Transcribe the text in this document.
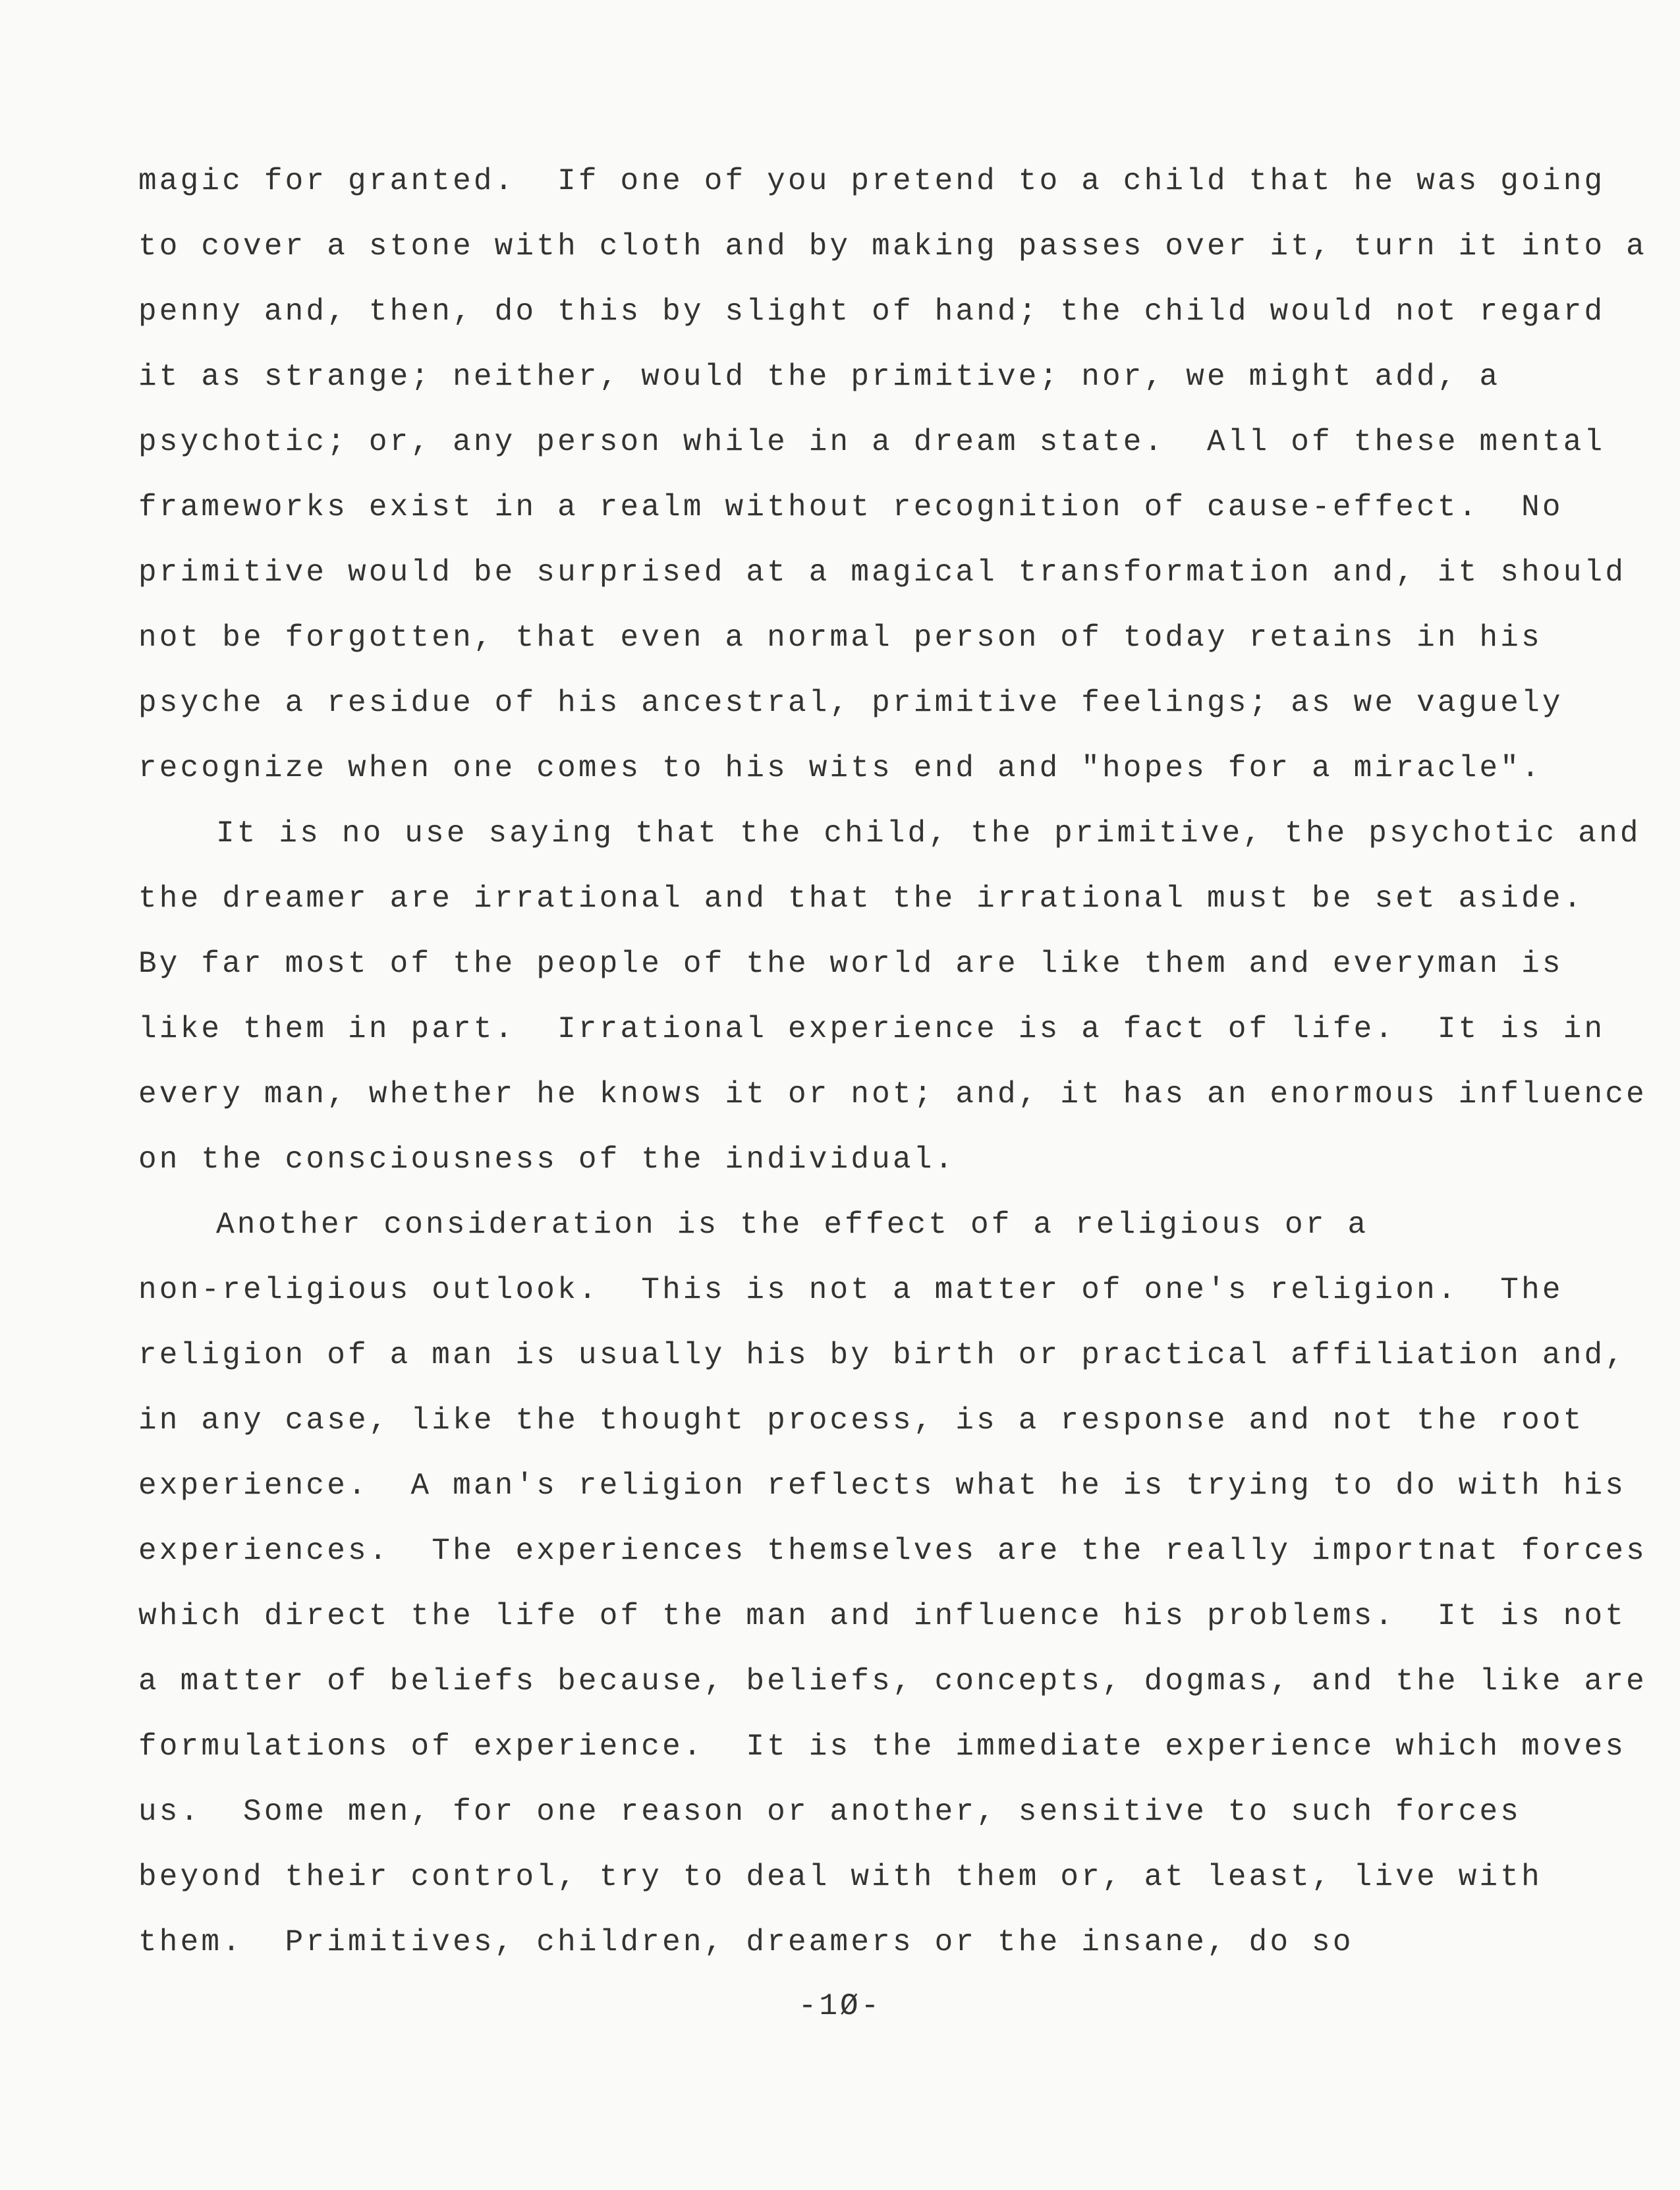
magic for granted.  If one of you pretend to a child that he was going
to cover a stone with cloth and by making passes over it, turn it into a
penny and, then, do this by slight of hand; the child would not regard
it as strange; neither, would the primitive; nor, we might add, a
psychotic; or, any person while in a dream state.  All of these mental
frameworks exist in a realm without recognition of cause-effect.  No
primitive would be surprised at a magical transformation and, it should
not be forgotten, that even a normal person of today retains in his
psyche a residue of his ancestral, primitive feelings; as we vaguely
recognize when one comes to his wits end and "hopes for a miracle".
It is no use saying that the child, the primitive, the psychotic and
the dreamer are irrational and that the irrational must be set aside.
By far most of the people of the world are like them and everyman is
like them in part.  Irrational experience is a fact of life.  It is in
every man, whether he knows it or not; and, it has an enormous influence
on the consciousness of the individual.
Another consideration is the effect of a religious or a
non-religious outlook.  This is not a matter of one's religion.  The
religion of a man is usually his by birth or practical affiliation and,
in any case, like the thought process, is a response and not the root
experience.  A man's religion reflects what he is trying to do with his
experiences.  The experiences themselves are the really importnat forces
which direct the life of the man and influence his problems.  It is not
a matter of beliefs because, beliefs, concepts, dogmas, and the like are
formulations of experience.  It is the immediate experience which moves
us.  Some men, for one reason or another, sensitive to such forces
beyond their control, try to deal with them or, at least, live with
them.  Primitives, children, dreamers or the insane, do so
-1Ø-
